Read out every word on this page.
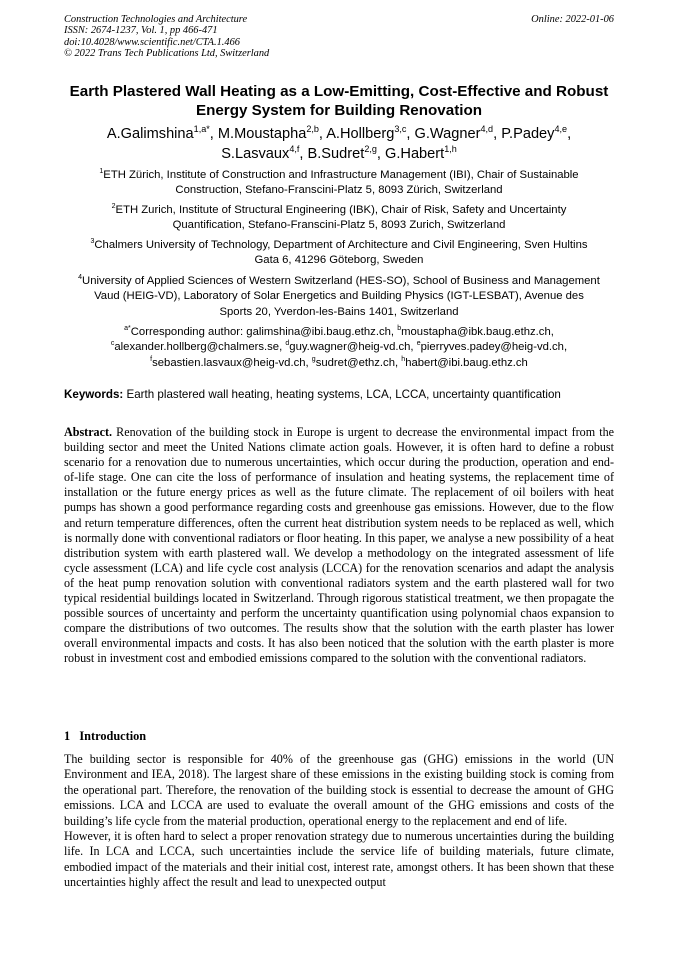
Construction Technologies and Architecture
ISSN: 2674-1237, Vol. 1, pp 466-471
doi:10.4028/www.scientific.net/CTA.1.466
© 2022 Trans Tech Publications Ltd, Switzerland
Online: 2022-01-06
Earth Plastered Wall Heating as a Low-Emitting, Cost-Effective and Robust Energy System for Building Renovation
A.Galimshina$^{1,a*}$, M.Moustapha$^{2,b}$, A.Hollberg$^{3,c}$, G.Wagner$^{4,d}$, P.Padey$^{4,e}$,
S.Lasvaux$^{4,f}$, B.Sudret$^{2,g}$, G.Habert$^{1,h}$
$^1$ETH Zürich, Institute of Construction and Infrastructure Management (IBI), Chair of Sustainable Construction, Stefano-Franscini-Platz 5, 8093 Zürich, Switzerland
$^2$ETH Zurich, Institute of Structural Engineering (IBK), Chair of Risk, Safety and Uncertainty Quantification, Stefano-Franscini-Platz 5, 8093 Zurich, Switzerland
$^3$Chalmers University of Technology, Department of Architecture and Civil Engineering, Sven Hultins Gata 6, 41296 Göteborg, Sweden
$^4$University of Applied Sciences of Western Switzerland (HES-SO), School of Business and Management Vaud (HEIG-VD), Laboratory of Solar Energetics and Building Physics (IGT-LESBAT), Avenue des Sports 20, Yverdon-les-Bains 1401, Switzerland
$^{a*}$Corresponding author: galimshina@ibi.baug.ethz.ch, $^b$moustapha@ibk.baug.ethz.ch,
$^c$alexander.hollberg@chalmers.se, $^d$guy.wagner@heig-vd.ch, $^e$pierryves.padey@heig-vd.ch,
$^f$sebastien.lasvaux@heig-vd.ch, $^g$sudret@ethz.ch, $^h$habert@ibi.baug.ethz.ch
Keywords: Earth plastered wall heating, heating systems, LCA, LCCA, uncertainty quantification
Abstract. Renovation of the building stock in Europe is urgent to decrease the environmental impact from the building sector and meet the United Nations climate action goals. However, it is often hard to define a robust scenario for a renovation due to numerous uncertainties, which occur during the production, operation and end-of-life stage. One can cite the loss of performance of insulation and heating systems, the replacement time of installation or the future energy prices as well as the future climate. The replacement of oil boilers with heat pumps has shown a good performance regarding costs and greenhouse gas emissions. However, due to the flow and return temperature differences, often the current heat distribution system needs to be replaced as well, which is normally done with conventional radiators or floor heating. In this paper, we analyse a new possibility of a heat distribution system with earth plastered wall. We develop a methodology on the integrated assessment of life cycle assessment (LCA) and life cycle cost analysis (LCCA) for the renovation scenarios and adapt the analysis of the heat pump renovation solution with conventional radiators system and the earth plastered wall for two typical residential buildings located in Switzerland. Through rigorous statistical treatment, we then propagate the possible sources of uncertainty and perform the uncertainty quantification using polynomial chaos expansion to compare the distributions of two outcomes. The results show that the solution with the earth plaster has lower overall environmental impacts and costs. It has also been noticed that the solution with the earth plaster is more robust in investment cost and embodied emissions compared to the solution with the conventional radiators.
1   Introduction

The building sector is responsible for 40% of the greenhouse gas (GHG) emissions in the world (UN Environment and IEA, 2018). The largest share of these emissions in the existing building stock is coming from the operational part. Therefore, the renovation of the building stock is essential to decrease the amount of GHG emissions. LCA and LCCA are used to evaluate the overall amount of the GHG emissions and costs of the building’s life cycle from the material production, operational energy to the replacement and end of life.

However, it is often hard to select a proper renovation strategy due to numerous uncertainties during the building life. In LCA and LCCA, such uncertainties include the service life of building materials, future climate, embodied impact of the materials and their initial cost, interest rate, amongst others. It has been shown that these uncertainties highly affect the result and lead to unexpected output
